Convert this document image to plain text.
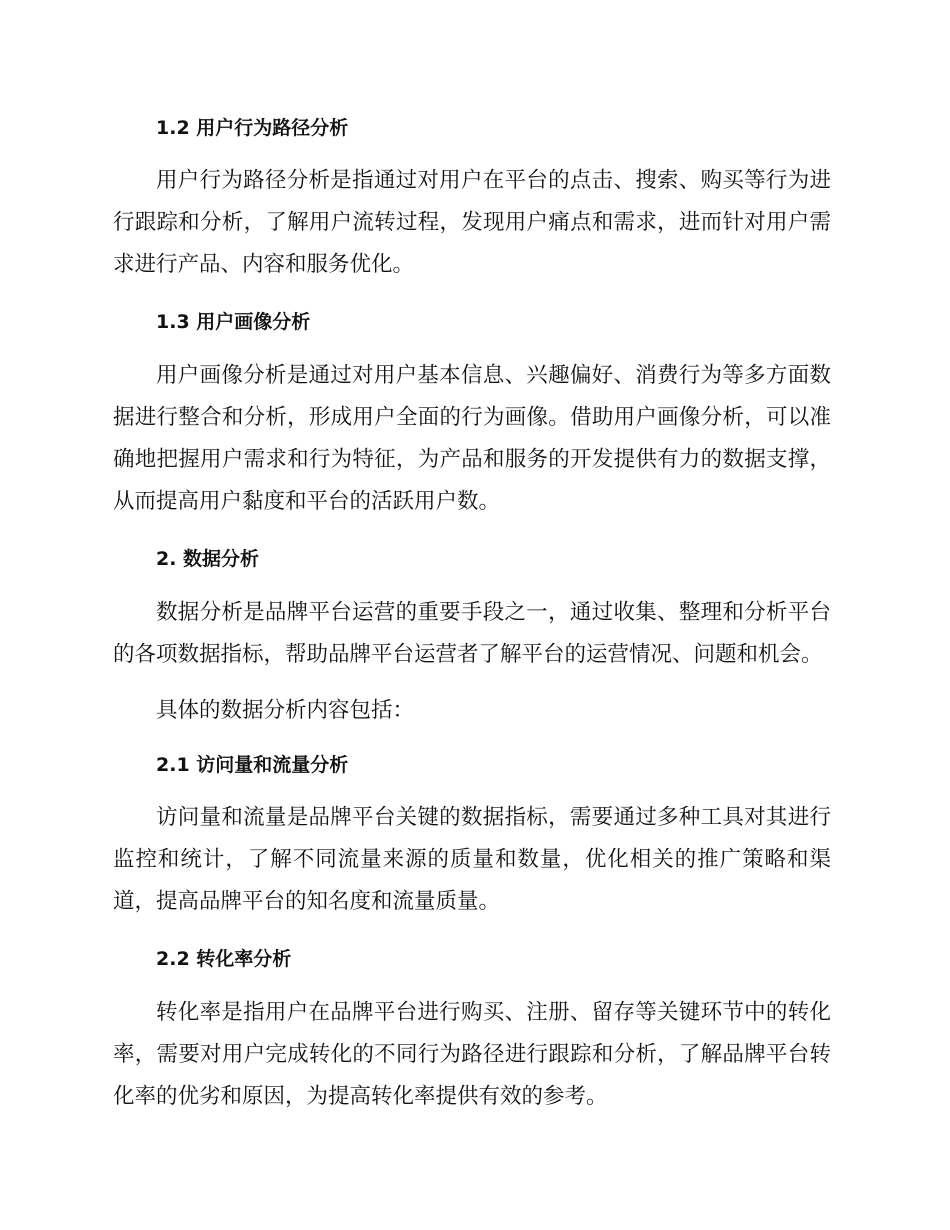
1.2 用户行为路径分析

用户行为路径分析是指通过对用户在平台的点击、搜索、购买等行为进行跟踪和分析，了解用户流转过程，发现用户痛点和需求，进而针对用户需求进行产品、内容和服务优化。

1.3 用户画像分析

用户画像分析是通过对用户基本信息、兴趣偏好、消费行为等多方面数据进行整合和分析，形成用户全面的行为画像。借助用户画像分析，可以准确地把握用户需求和行为特征，为产品和服务的开发提供有力的数据支撑，从而提高用户黏度和平台的活跃用户数。

2. 数据分析

数据分析是品牌平台运营的重要手段之一，通过收集、整理和分析平台的各项数据指标，帮助品牌平台运营者了解平台的运营情况、问题和机会。

具体的数据分析内容包括：

2.1 访问量和流量分析

访问量和流量是品牌平台关键的数据指标，需要通过多种工具对其进行监控和统计，了解不同流量来源的质量和数量，优化相关的推广策略和渠道，提高品牌平台的知名度和流量质量。

2.2 转化率分析

转化率是指用户在品牌平台进行购买、注册、留存等关键环节中的转化率，需要对用户完成转化的不同行为路径进行跟踪和分析，了解品牌平台转化率的优劣和原因，为提高转化率提供有效的参考。
